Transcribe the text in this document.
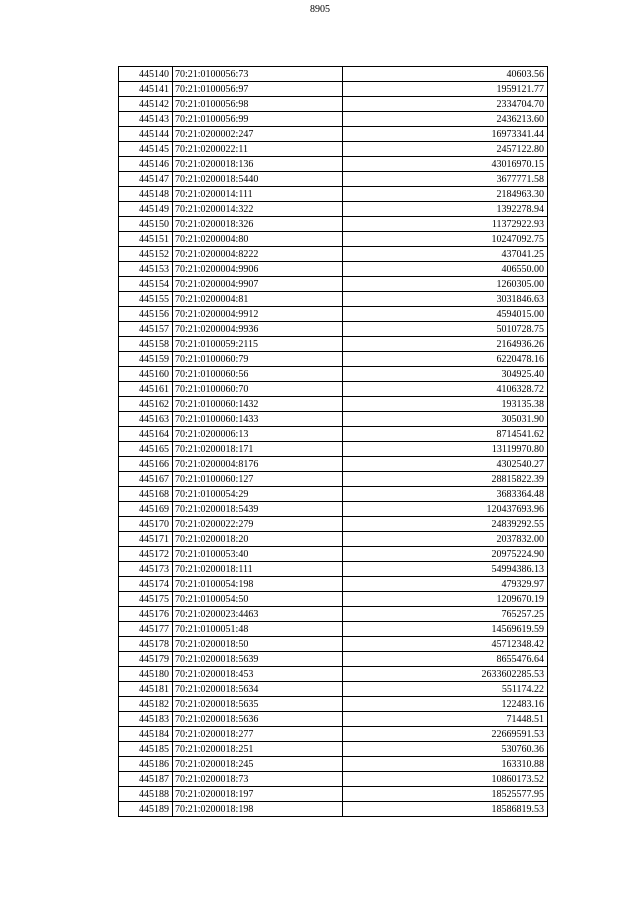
8905
445140	70:21:0100056:73	40603.56
445141	70:21:0100056:97	1959121.77
445142	70:21:0100056:98	2334704.70
445143	70:21:0100056:99	2436213.60
445144	70:21:0200002:247	16973341.44
445145	70:21:0200022:11	2457122.80
445146	70:21:0200018:136	43016970.15
445147	70:21:0200018:5440	3677771.58
445148	70:21:0200014:111	2184963.30
445149	70:21:0200014:322	1392278.94
445150	70:21:0200018:326	11372922.93
445151	70:21:0200004:80	10247092.75
445152	70:21:0200004:8222	437041.25
445153	70:21:0200004:9906	406550.00
445154	70:21:0200004:9907	1260305.00
445155	70:21:0200004:81	3031846.63
445156	70:21:0200004:9912	4594015.00
445157	70:21:0200004:9936	5010728.75
445158	70:21:0100059:2115	2164936.26
445159	70:21:0100060:79	6220478.16
445160	70:21:0100060:56	304925.40
445161	70:21:0100060:70	4106328.72
445162	70:21:0100060:1432	193135.38
445163	70:21:0100060:1433	305031.90
445164	70:21:0200006:13	8714541.62
445165	70:21:0200018:171	13119970.80
445166	70:21:0200004:8176	4302540.27
445167	70:21:0100060:127	28815822.39
445168	70:21:0100054:29	3683364.48
445169	70:21:0200018:5439	120437693.96
445170	70:21:0200022:279	24839292.55
445171	70:21:0200018:20	2037832.00
445172	70:21:0100053:40	20975224.90
445173	70:21:0200018:111	54994386.13
445174	70:21:0100054:198	479329.97
445175	70:21:0100054:50	1209670.19
445176	70:21:0200023:4463	765257.25
445177	70:21:0100051:48	14569619.59
445178	70:21:0200018:50	45712348.42
445179	70:21:0200018:5639	8655476.64
445180	70:21:0200018:453	2633602285.53
445181	70:21:0200018:5634	551174.22
445182	70:21:0200018:5635	122483.16
445183	70:21:0200018:5636	71448.51
445184	70:21:0200018:277	22669591.53
445185	70:21:0200018:251	530760.36
445186	70:21:0200018:245	163310.88
445187	70:21:0200018:73	10860173.52
445188	70:21:0200018:197	18525577.95
445189	70:21:0200018:198	18586819.53
